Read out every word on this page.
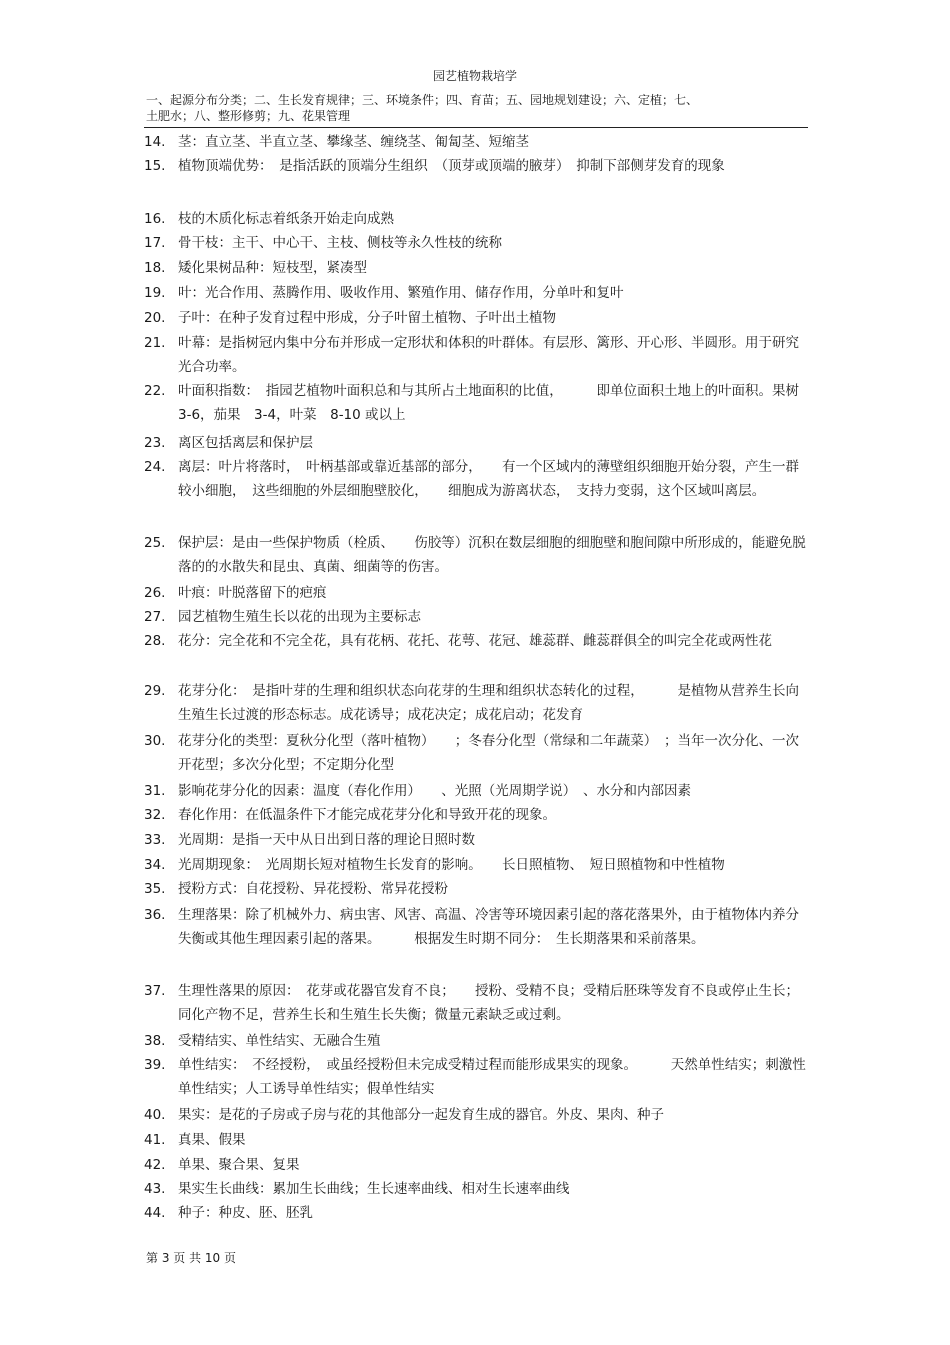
园艺植物栽培学
一、起源分布分类；二、生长发育规律；三、环境条件；四、育苗；五、园地规划建设；六、定植；七、
土肥水；八、整形修剪；九、花果管理
14. 茎：直立茎、半直立茎、攀缘茎、缠绕茎、匍匐茎、短缩茎
15. 植物顶端优势：　是指活跃的顶端分生组织　（顶芽或顶端的腋芽）　抑制下部侧芽发育的现象
16. 枝的木质化标志着纸条开始走向成熟
17. 骨干枝：主干、中心干、主枝、侧枝等永久性枝的统称
18. 矮化果树品种：短枝型，紧凑型
19. 叶：光合作用、蒸腾作用、吸收作用、繁殖作用、储存作用，分单叶和复叶
20. 子叶：在种子发育过程中形成，分子叶留土植物、子叶出土植物
21. 叶幕：是指树冠内集中分布并形成一定形状和体积的叶群体。有层形、篱形、开心形、半圆形。用于研究光合功率。
22. 叶面积指数：　指园艺植物叶面积总和与其所占土地面积的比值，　　　即单位面积土地上的叶面积。果树　3-6，茄果　3-4，叶菜　8-10 或以上
23. 离区包括离层和保护层
24. 离层：叶片将落时，　叶柄基部或靠近基部的部分，　　有一个区域内的薄壁组织细胞开始分裂，产生一群较小细胞，　这些细胞的外层细胞壁胶化，　　细胞成为游离状态，　支持力变弱，这个区域叫离层。
25. 保护层：是由一些保护物质（栓质、　　伤胶等）沉积在数层细胞的细胞壁和胞间隙中所形成的，能避免脱落的的水散失和昆虫、真菌、细菌等的伤害。
26. 叶痕：叶脱落留下的疤痕
27. 园艺植物生殖生长以花的出现为主要标志
28. 花分：完全花和不完全花，具有花柄、花托、花萼、花冠、雄蕊群、雌蕊群俱全的叫完全花或两性花
29. 花芽分化：　是指叶芽的生理和组织状态向花芽的生理和组织状态转化的过程，　　　是植物从营养生长向生殖生长过渡的形态标志。成花诱导；成花决定；成花启动；花发育
30. 花芽分化的类型：夏秋分化型（落叶植物）　　；冬春分化型（常绿和二年蔬菜）　；当年一次分化、一次开花型；多次分化型；不定期分化型
31. 影响花芽分化的因素：温度（春化作用）　　、光照（光周期学说）　、水分和内部因素
32. 春化作用：在低温条件下才能完成花芽分化和导致开花的现象。
33. 光周期：是指一天中从日出到日落的理论日照时数
34. 光周期现象：　光周期长短对植物生长发育的影响。　　长日照植物、　短日照植物和中性植物
35. 授粉方式：自花授粉、异花授粉、常异花授粉
36. 生理落果：除了机械外力、病虫害、风害、高温、冷害等环境因素引起的落花落果外，由于植物体内养分失衡或其他生理因素引起的落果。　　　根据发生时期不同分：　生长期落果和采前落果。
37. 生理性落果的原因：　花芽或花器官发育不良；　　授粉、受精不良；受精后胚珠等发育不良或停止生长；同化产物不足，营养生长和生殖生长失衡；微量元素缺乏或过剩。
38. 受精结实、单性结实、无融合生殖
39. 单性结实：　不经授粉，　或虽经授粉但未完成受精过程而能形成果实的现象。　　　天然单性结实；刺激性单性结实；人工诱导单性结实；假单性结实
40. 果实：是花的子房或子房与花的其他部分一起发育生成的器官。外皮、果肉、种子
41. 真果、假果
42. 单果、聚合果、复果
43. 果实生长曲线：累加生长曲线；生长速率曲线、相对生长速率曲线
44. 种子：种皮、胚、胚乳
第 3 页 共 10 页
